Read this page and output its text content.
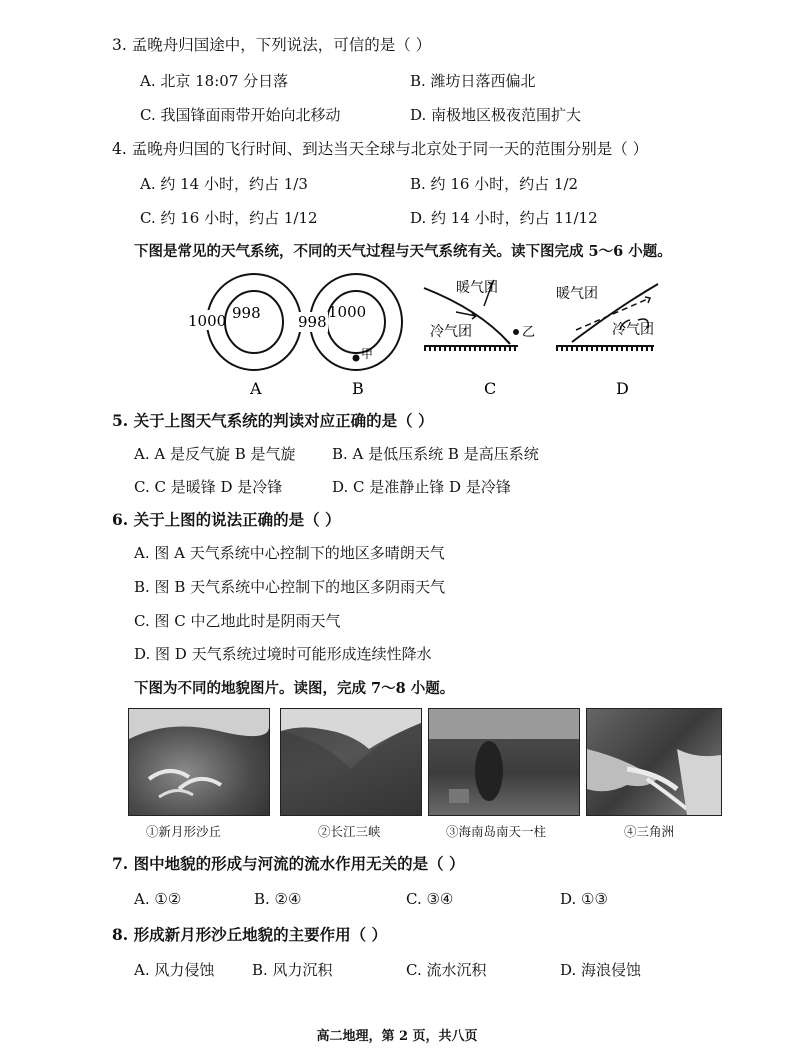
3. 孟晚舟归国途中，下列说法，可信的是（ ）
A. 北京 18:07 分日落	B. 潍坊日落西偏北
C. 我国锋面雨带开始向北移动	D. 南极地区极夜范围扩大
4. 孟晚舟归国的飞行时间、到达当天全球与北京处于同一天的范围分别是（ ）
A. 约 14 小时，约占 1/3	B. 约 16 小时，约占 1/2
C. 约 16 小时，约占 1/12	D. 约 14 小时，约占 11/12
下图是常见的天气系统，不同的天气过程与天气系统有关。读下图完成 5～6 小题。
1000 998
A
998
1000
甲
B
暖气团
冷气团	乙
C
暖气团
冷气团
D
5. 关于上图天气系统的判读对应正确的是（ ）
A. A 是反气旋 B 是气旋 B. A 是低压系统 B 是高压系统
C. C 是暖锋 D 是冷锋	D. C 是准静止锋 D 是冷锋
6. 关于上图的说法正确的是（ ）
A. 图 A 天气系统中心控制下的地区多晴朗天气
B. 图 B 天气系统中心控制下的地区多阴雨天气
C. 图 C 中乙地此时是阴雨天气
D. 图 D 天气系统过境时可能形成连续性降水
下图为不同的地貌图片。读图，完成 7～8 小题。
①新月形沙丘	②长江三峡	③海南岛南天一柱	④三角洲
7. 图中地貌的形成与河流的流水作用无关的是（ ）
A. ①②	B. ②④	C. ③④	D. ①③
8. 形成新月形沙丘地貌的主要作用（ ）
A. 风力侵蚀	B. 风力沉积	C. 流水沉积	D. 海浪侵蚀
高二地理，第 2 页，共八页
